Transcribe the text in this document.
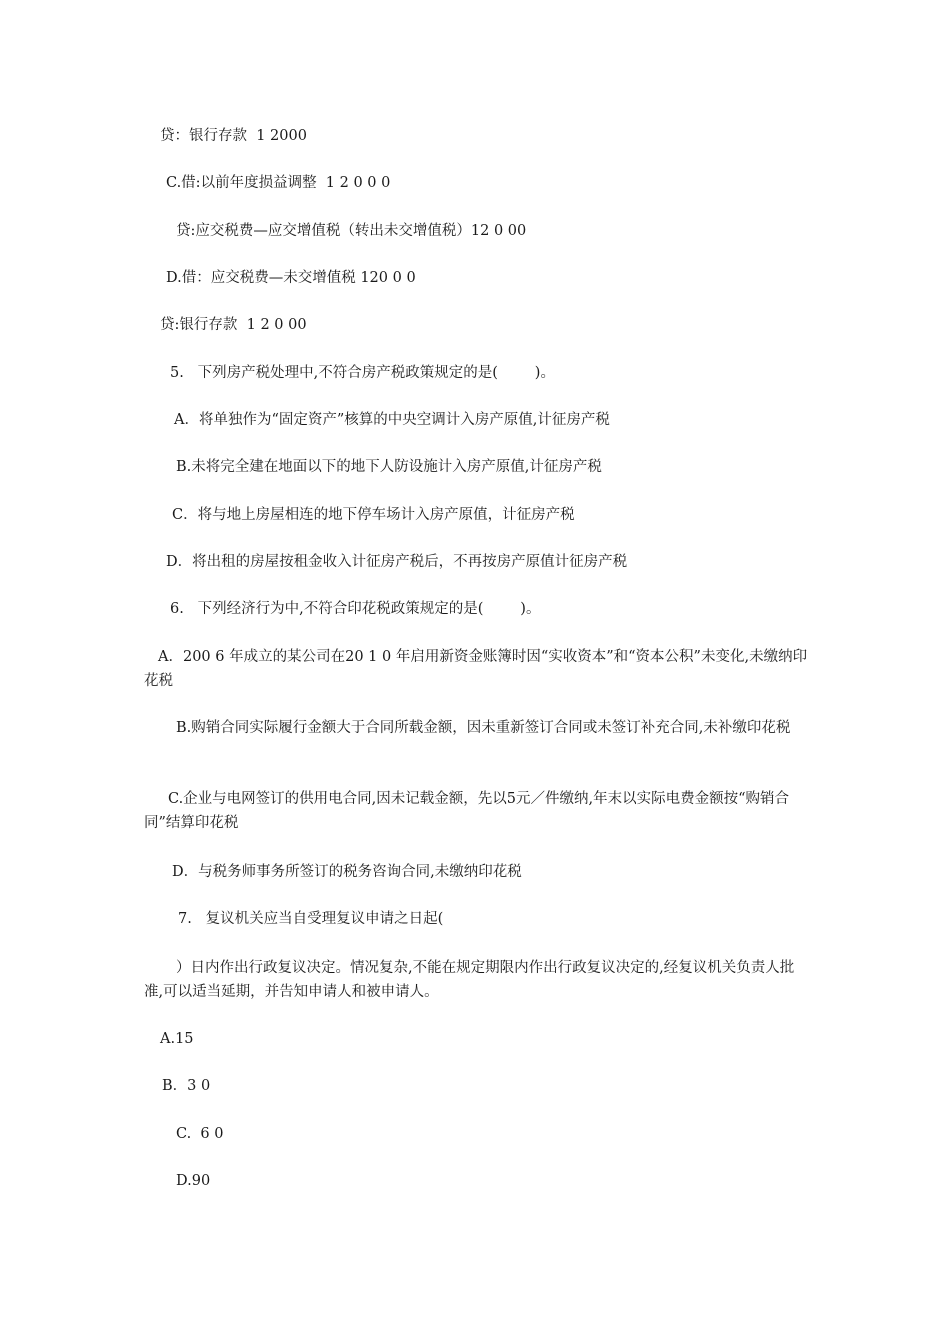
贷：银行存款  1 2000
C.借:以前年度损益调整  1 2 0 0 0
贷:应交税费—应交增值税（转出未交增值税）12 0 00
D.借：应交税费—未交增值税 120 0 0
贷:银行存款  1 2 0 00
5.   下列房产税处理中,不符合房产税政策规定的是(        )。
A．将单独作为“固定资产”核算的中央空调计入房产原值,计征房产税
B.未将完全建在地面以下的地下人防设施计入房产原值,计征房产税
C．将与地上房屋相连的地下停车场计入房产原值，计征房产税
D．将出租的房屋按租金收入计征房产税后，不再按房产原值计征房产税
6.   下列经济行为中,不符合印花税政策规定的是(        )。
A．200 6 年成立的某公司在20 1 0 年启用新资金账簿时因“实收资本”和“资本公积”未变化,未缴纳印花税
B.购销合同实际履行金额大于合同所载金额，因未重新签订合同或未签订补充合同,未补缴印花税
C.企业与电网签订的供用电合同,因未记载金额，先以5元／件缴纳,年末以实际电费金额按“购销合同”结算印花税
D．与税务师事务所签订的税务咨询合同,未缴纳印花税
7.   复议机关应当自受理复议申请之日起(
）日内作出行政复议决定。情况复杂,不能在规定期限内作出行政复议决定的,经复议机关负责人批准,可以适当延期，并告知申请人和被申请人。
A.15
B．3 0
C.  6 0
D.90
